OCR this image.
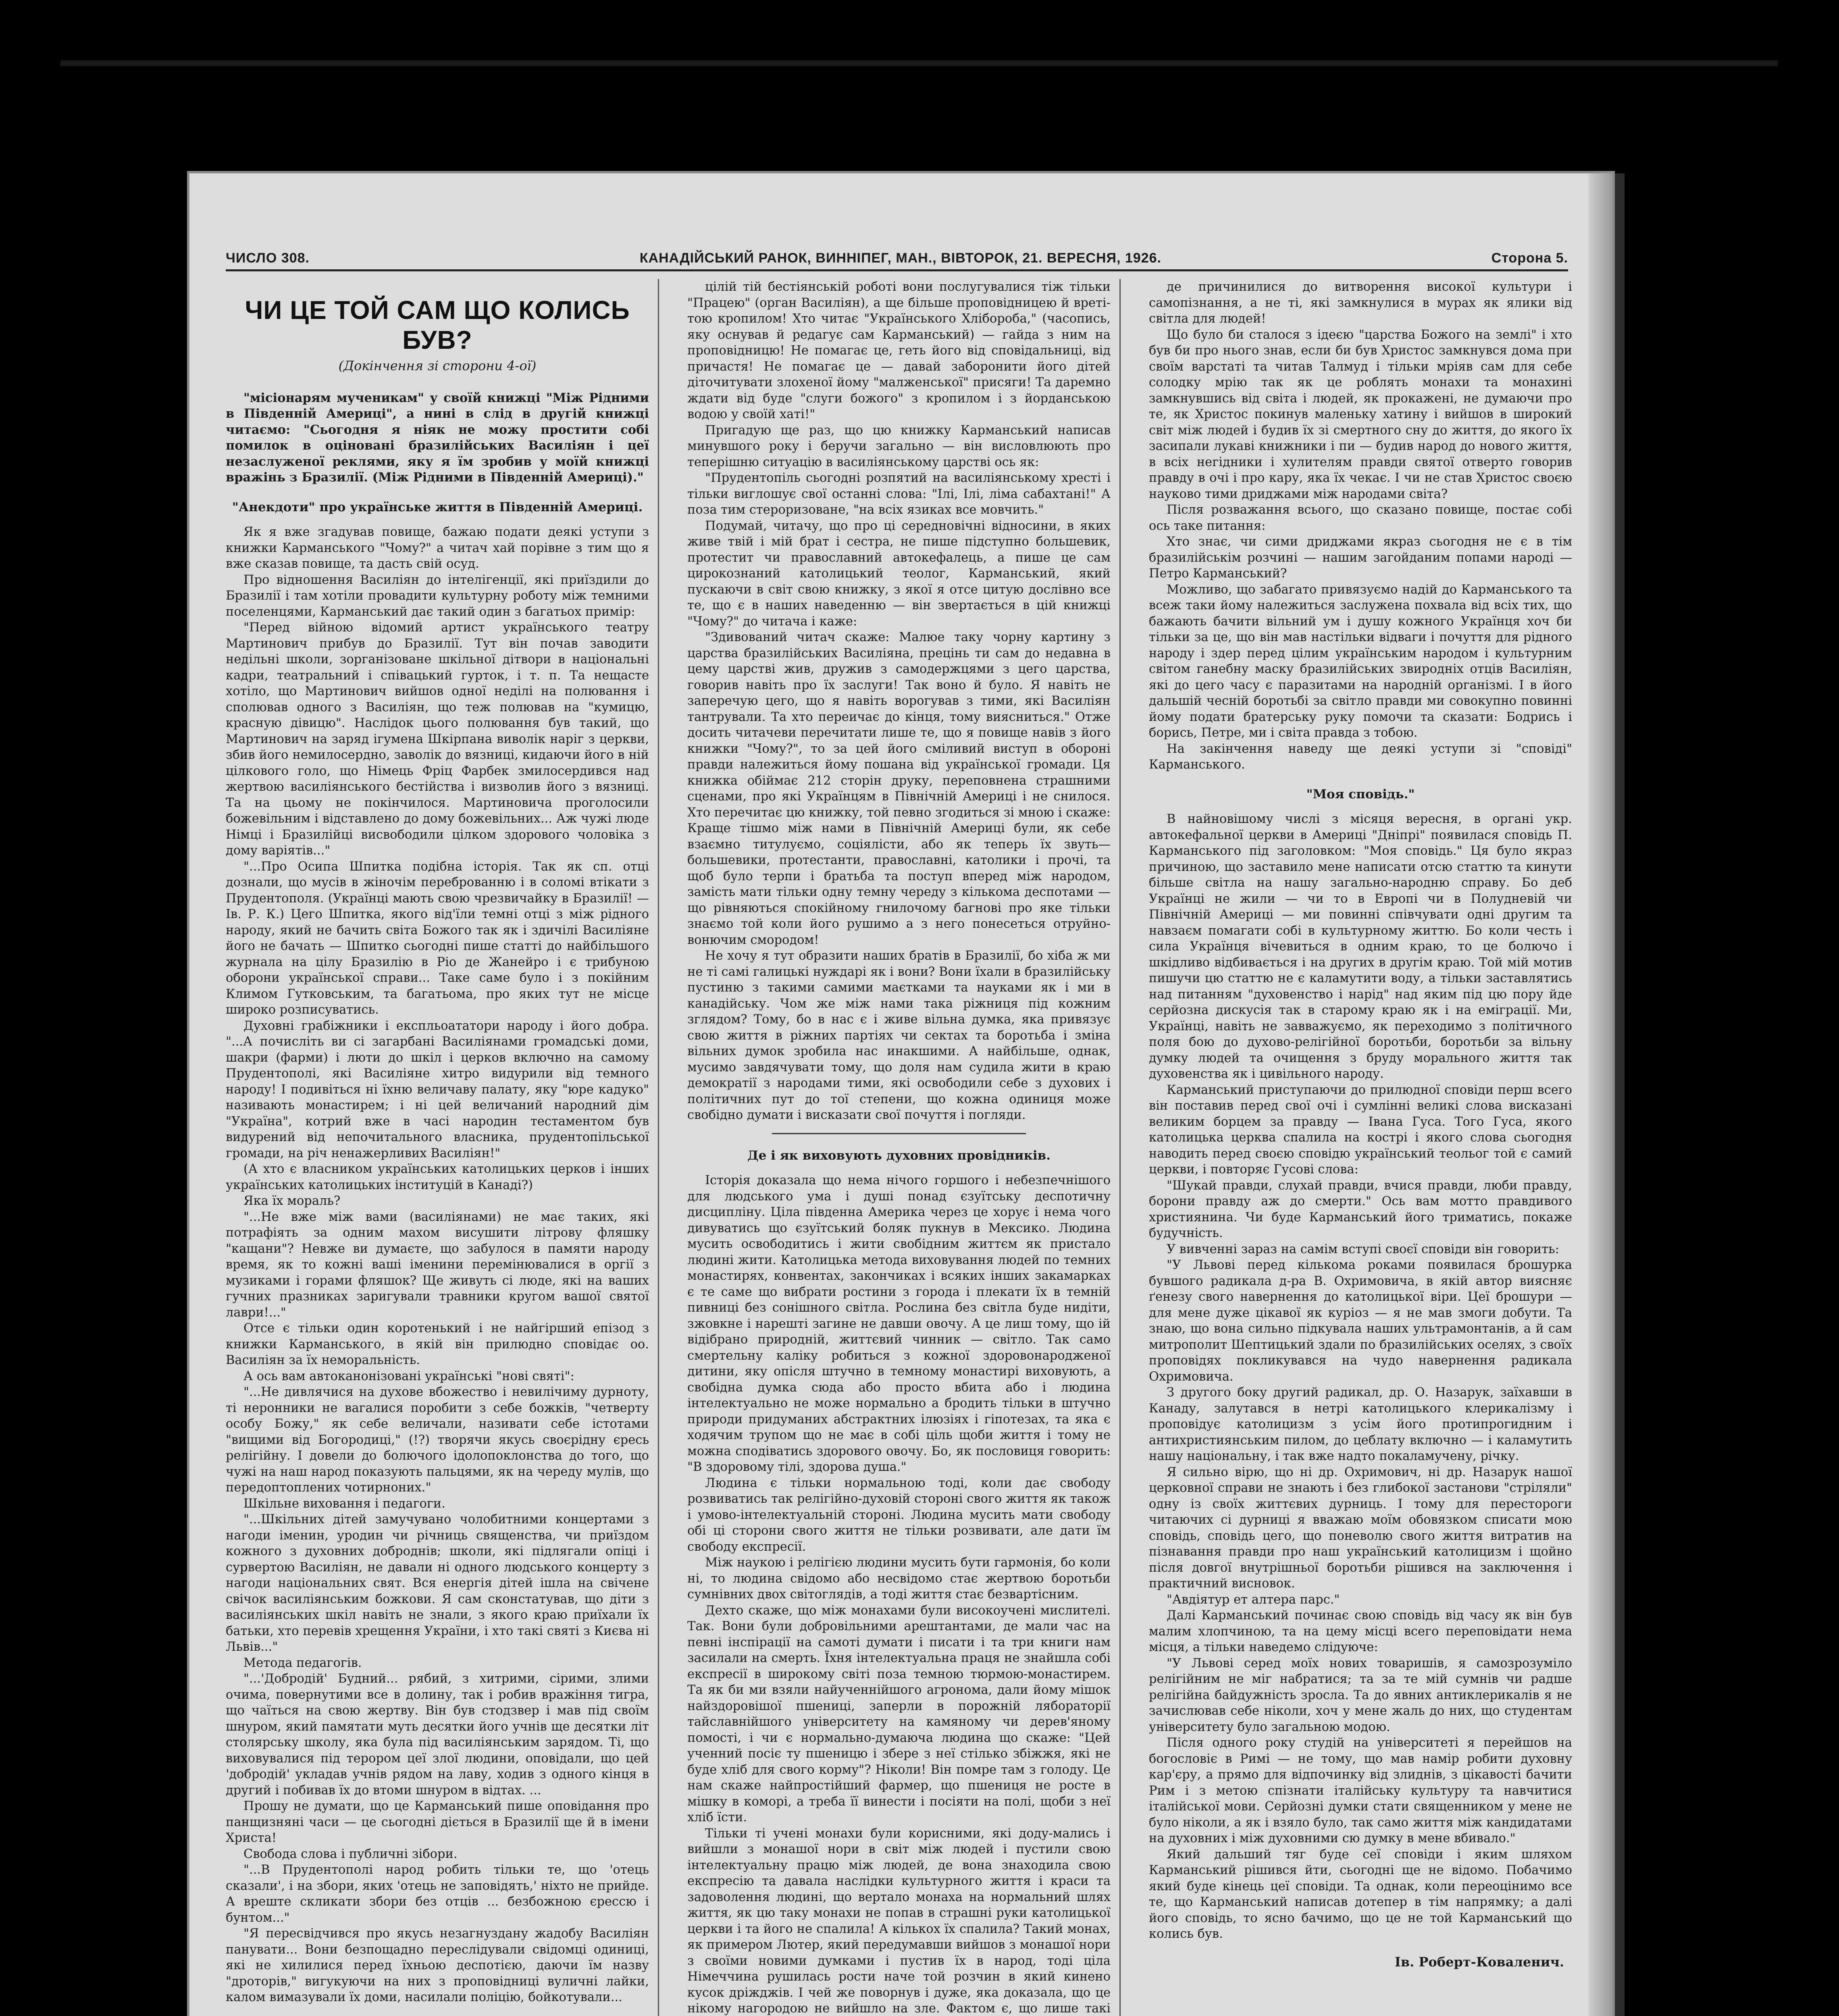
ЧИСЛО 308.	КАНАДІЙСЬКИЙ РАНОК, ВИННІПЕГ, МАН., ВІВТОРОК, 21. ВЕРЕСНЯ, 1926.	Сторона 5.
ЧИ ЦЕ ТОЙ САМ ЩО КОЛИСЬ БУВ?
(Докінчення зі сторони 4-ої)

"місіонарям мученикам" у своїй книжці "Між Рідними в Південній Америці", а нині в слід в другій книжці читаємо: "Сьогодня я ніяк не можу простити собі помилок в оціновані бразилійських Василіян і цеї незаслуженої реклями, яку я їм зробив у моїй книжці вражінь з Бразилії. (Між Рідними в Південній Америці)."

"Анекдоти" про українське життя в Південній Америці.

Як я вже згадував повище, бажаю подати деякі уступи з книжки Карманського "Чому?" а читач хай порівне з тим що я вже сказав повище, та дасть свій осуд.

Про відношення Василіян до інтелігенції, які приїздили до Бразилії і там хотіли провадити культурну роботу між темними поселенцями, Карманський дає такий один з багатьох примір:

"Перед війною відомий артист українського театру Мартинович прибув до Бразилії. Тут він почав заводити недільні школи, зорганізоване шкільної дітвори в національні кадри, театральний і співацький гурток, і т. п. Та нещасте хотіло, що Мартинович вийшов одної неділі на полювання і сполював одного з Василіян, що теж полював на "кумицю, красную дівицю". Наслідок цього полювання був такий, що Мартинович на заряд ігумена Шкірпана виволік наріг з церкви, збив його немилосердно, заволік до вязниці, кидаючи його в ній цілкового голо, що Німець Фріц Фарбек змилосердився над жертвою василіянського бестійства і визволив його з вязниці. Та на цьому не покінчилося. Мартиновича проголосили божевільним і відставлено до дому божевільних... Аж чужі люде Німці і Бразилійці висвободили цілком здорового чоловіка з дому варіятів..."

"...Про Осипа Шпитка подібна історія. Так як сп. отці дознали, що мусів в жіночім переброванню і в соломі втікати з Прудентополя. (Українці мають свою чрезвичайку в Бразилії! — Ів. Р. К.) Цего Шпитка, якого від'їли темні отці з між рідного народу, який не бачить світа Божого так як і здичілі Василіяне його не бачать — Шпитко сьогодні пише статті до найбільшого журнала на цілу Бразилію в Ріо де Жанейро і є трибуною оборони української справи... Таке саме було і з покійним Климом Гутковським, та багатьома, про яких тут не місце широко розписуватись.

Духовні грабіжники і експльоататори народу і його добра. "...А почисліть ви сі загарбані Василіянами громадські доми, шакри (фарми) і люти до шкіл і церков включно на самому Прудентополі, які Василіяне хитро видурили від темного народу! І подивіться ні їхню величаву палату, яку "юре кадуко" називають монастирем; і ні цей величаний народний дім "Україна", котрий вже в часі народин тестаментом був видурений від непочитального власника, прудентопільської громади, на річ ненажерливих Василіян!"

(А хто є власником українських католицьких церков і інших українських католицьких інституцій в Канаді?)

Яка їх мораль?

"...Не вже між вами (василіянами) не має таких, які потрафіять за одним махом висушити літрову фляшку "кащани"? Невже ви думаєте, що забулося в памяти народу время, як то кожні ваші іменини перемінювалися в оргії з музиками і горами фляшок? Ще живуть сі люде, які на ваших гучних празниках заригували травники кругом вашої святої лаври!..."

Отсе є тільки один коротенький і не найгірший епізод з книжки Карманського, в якій він прилюдно сповідає оо. Василіян за їх неморальність.

А ось вам автоканонізовані українські "нові святі":

"...Не дивлячися на духове вбожество і невилічиму дурноту, ті неронники не вагалися поробити з себе божків, "четверту особу Божу," як себе величали, називати себе істотами "вищими від Богородиці," (!?) творячи якусь своєрідну єресь релігійну. І довели до болючого ідолопоклонства до того, що чужі на наш народ показують пальцями, як на череду мулів, що передоптоплених чотирноних."

Шкільне виховання і педагоги.

"...Шкільних дітей замучувано чолобитними концертами з нагоди іменин, уродин чи річниць священства, чи приїздом кожного з духовних доброднів; школи, які підлягали опіці і сурвертою Василіян, не давали ні одного людського концерту з нагоди національних свят. Вся енергія дітей ішла на свічене свічок василіянським божкови. Я сам сконстатував, що діти з василіянських шкіл навіть не знали, з якого краю приїхали їх батьки, хто перевів хрещення України, і хто такі святі з Києва ні Львів..."

Метода педагогів.

"...'Добродій' Будний... рябий, з хитрими, сірими, злими очима, повернутими все в долину, так і робив вражіння тигра, що чаїться на свою жертву. Він був стодзвер і мав під своїм шнуром, який памятати муть десятки його учнів ще десятки літ столярську школу, яка була під василіянським зарядом. Ті, що виховувалися під терором цеї злої людини, оповідали, що цей 'добродій' укладав учнів рядом на лаву, ходив з одного кінця в другий і побивав їх до втоми шнуром в відтах. ...

Прошу не думати, що це Карманський пише оповідання про панщизняні часи — це сьогодні діється в Бразилії ще й в імени Христа!

Свобода слова і публичні зібори.

"...В Прудентополі народ робить тільки те, що 'отець сказали', і на збори, яких 'отець не заповідять,' ніхто не прийде. А вреште скликати збори без отців ... безбожною єрессю і бунтом..."

"Я пересвідчився про якусь незагнуздану жадобу Василіян панувати... Вони безпощадно переслідували свідомці одиниці, які не хилилися перед їхньою деспотією, даючи їм назву "дроторів," вигукуючи на них з проповідниці вуличні лайки, калом вимазували їх доми, насилали поліцію, бойкотували...

цілій тій бестіянській роботі вони послугувалися тіж тільки "Працею" (орган Василіян), а ще більше проповідницею й вреті-тою кропилом! Хто читає "Українського Хліборoба," (часопись, яку оснував й редагує сам Карманський) — гайда з ним на проповідницю! Не помагає це, геть його від сповідальниці, від причастя! Не помагає це — давай заборонити його дітей діточитувати злохеної йому "малженської" присяги! Та даремно ждати від буде "слуги божого" з кропилом і з йорданською водою у своїй хаті!"

Пригадую ще раз, що цю книжку Карманський написав минувшого року і беручи загально — він висловлюють про теперішню ситуацію в василіянському царстві ось як:

"Прудентопіль сьогодні розпятий на василіянському хресті і тільки виглошує свої останні слова: "Ілі, Ілі, ліма сабахтані!" А поза тим стероризоване, "на всіх язиках все мовчить."

Подумай, читачу, що про ці середновічні відносини, в яких живе твій і мій брат і сестра, не пише підступно большевик, протестит чи православний автокефалець, а пише це сам цирокознаний католицький теолог, Карманський, який пускаючи в світ свою книжку, з якої я отсе цитую дослівно все те, що є в наших наведенню — він звертається в цій книжці "Чому?" до читача і каже:

"Здивований читач скаже: Малюе таку чорну картину з царства бразилійських Василіяна, прецінь ти сам до недавна в цему царстві жив, дружив з самодержцями з цего царства, говорив навіть про їх заслуги! Так воно й було. Я навіть не заперечую цего, що я навіть ворогував з тими, які Василіян тантрували. Та хто переичає до кінця, тому виясниться." Отже досить читачеви перечитати лише те, що я повище навів з його книжки "Чому?", то за цей його сміливий виступ в обороні правди належиться йому пошана від української громади. Ця книжка обіймає 212 сторін друку, переповнена страшними сценами, про які Українцям в Північній Америці і не снилося. Хто перечитає цю книжку, той певно згодиться зі мною і скаже: Краще тішмо між нами в Північній Америці були, як себе взаємно титулуємо, соціялісти, або як теперь їх звуть—большевики, протестанти, православні, католики і прочі, та щоб було терпи і братьба та поступ вперед між народом, замість мати тільки одну темну череду з кількома деспотами — що рівняються спокійному гнилочому багнові про яке тільки знаємо той коли його рушимо а з него понесеться отруйно-вонючим смородом!

Не хочу я тут образити наших братів в Бразилії, бо хіба ж ми не ті самі галицькі нуждарі як і вони? Вони їхали в бразилійську пустиню з такими самими маєтками та науками як і ми в канадійську. Чом же між нами така ріжниця під кожним зглядом? Тому, бо в нас є і живе вільна думка, яка привязує свою життя в ріжних партіях чи сектах та боротьба і зміна вільних думок зробила нас инакшими. А найбільше, однак, мусимо завдячувати тому, що доля нам судила жити в краю демократії з народами тими, які освободили себе з духових і політичних пут до тої степени, що кожна одиниця може свобідно думати і висказати свої почуття і погляди.

Де і як виховують духовних провідників.

Історія доказала що нема нічого горшого і небезпечнішого для людського ума і душі понад єзуїтську деспотичну дисципліну. Ціла південна Америка через це хорує і нема чого дивуватись що єзуїтський боляк пукнув в Мексико. Людина мусить освободитись і жити свобідним життєм як пристало людині жити. Католицька метода виховування людей по темних монастирях, конвентах, закончиках і всяких інших закамарках є те саме що вибрати ростини з города і плекати їх в темній пивниці без сонішного світла. Рослина без світла буде нидіти, зжовкне і нарешті загине не давши овочу. А це лиш тому, що ій відібрано природній, життєвий чинник — світло. Так само смертельну каліку робиться з кожної здоровонародженої дитини, яку опісля штучно в темному монастирі виховують, а свобідна думка сюда або просто вбита або і людина інтелектуально не може нормально а бродить тільки в штучно природи придуманих абстрактних ілюзіях і гіпотезах, та яка є ходячим трупом що не має в собі ціль щоби життя і тому не можна сподіватись здорового овочу. Бо, як пословиця говорить: "В здоровому тілі, здорова душа."

Людина є тільки нормальною тоді, коли дає свободу розвиватись так релігійно-духовій стороні свого життя як також і умово-інтелектуальній стороні. Людина мусить мати свободу обі ці сторони свого життя не тільки розвивати, але дати їм свободу експресії.

Між наукою і релігією людини мусить бути гармонія, бо коли ні, то людина свідомо або несвідомо стає жертвою боротьби сумнівних двох світоглядів, а тоді життя стає безвартісним.

Дехто скаже, що між монахами були високоучені мислителі. Так. Вони були добровільними арештантами, де мали час на певні інспірації на самоті думати і писати і та три книги нам засилали на смерть. Їхня інтелектуальна праця не знайшла собі експресії в широкому світі поза темною тюрмою-монастирем. Та як би ми взяли найученнійшого агронома, дали йому мішок найздоровішої пшениці, заперли в порожній лябораторії тайславнійшого університету на камяному чи дерев'яному помості, і чи є нормально-думаюча людина що скаже: "Цей ученний посіє ту пшеницю і збере з неї стілько збіжжя, які не буде хліб для свого корму"? Ніколи! Він помре там з голоду. Це нам скаже найпростійший фармер, що пшениця не росте в мішку в коморі, а треба її винести і посіяти на полі, щоби з неї хліб їсти.

Тільки ті учені монахи були корисними, які доду-мались і вийшли з монашої нори в світ між людей і пустили свою інтелектуальну працю між людей, де вона знаходила свою експресію та давала наслідки культурного життя і краси та задоволення людині, що вертало монаха на нормальний шлях життя, як цю таку монахи не попав в страшні руки католицької церкви і та його не спалила! А кількох їх спалила? Такий монах, як примером Лютер, який передумавши вийшов з монашої нори з своїми новими думками і пустив їх в народ, тоді ціла Німеччина рушилась рости наче той розчин в який кинено кусок дріжджів. І чей же поворнув і дуже, яка доказала, що це нікому нагородою не вийшло на зле. Фактом є, що лише такі

де причинилися до витворення високої культури і самопізнання, а не ті, які замкнулися в мурах як ялики від світла для людей!

Що було би сталося з ідеєю "царства Божого на землі" і хто був би про нього знав, если би був Христос замкнувся дома при своїм варстаті та читав Талмуд і тільки мріяв сам для себе солодку мрію так як це роблять монахи та монахині замкнувшись від світа і людей, як прокажені, не думаючи про те, як Христос покинув маленьку хатину і вийшов в широкий світ між людей і будив їх зі смертного сну до життя, до якого їх засипали лукаві книжники і пи — будив народ до нового життя, в всіх негідники і хулителям правди святої отверто говорив правду в очі і про кару, яка їх чекає. І чи не став Христос своєю науково тими дриджами між народами світа?

Після розважання всього, що сказано повище, постає собі ось таке питання:

Хто знає, чи сими дриджами якраз сьогодня не є в тім бразилійськім розчині — нашим загойданим попами народі — Петро Карманський?

Можливо, що забагато привязуємо надій до Карманського та всеж таки йому належиться заслужена похвала від всіх тих, що бажають бачити вільний ум і душу кожного Українця хоч би тільки за це, що він мав настільки відваги і почуття для рідного народу і здер перед цілим українським народом і культурним світом ганебну маску бразилійських звиродніх отців Василіян, які до цего часу є паразитами на народній організмі. І в його дальшій чесній боротьбі за світло правди ми совокупно повинні йому подати братерську руку помочи та сказати: Бодрись і борись, Петре, ми і світа правда з тобою.

На закінчення наведу ще деякі уступи зі "сповіді" Карманського.

"Моя сповідь."

В найновішому числі з місяця вересня, в органі укр. автокефальної церкви в Америці "Дніпрі" появилася сповідь П. Карманського під заголовком: "Моя сповідь." Ця було якраз причиною, що заставило мене написати отсю статтю та кинути більше світла на нашу загально-народню справу. Бо деб Українці не жили — чи то в Европі чи в Полудневій чи Північній Америці — ми повинні співчувати одні другим та навзаєм помагати собі в культурному життю. Бо коли честь і сила Українця вічевиться в одним краю, то це болючо і шкідливо відбивається і на других в другім краю. Той мій мотив пишучи цю статтю не є каламутити воду, а тільки заставлятись над питанням "духовенство і нарід" над яким під цю пору йде серйозна дискусія так в старому краю як і на еміграції. Ми, Українці, навіть не завважуємо, як переходимо з політичного поля бою до духово-релігійної боротьби, боротьби за вільну думку людей та очищення з бруду морального життя так духовенства як і цивільного народу.

Карманський приступаючи до прилюдної сповіди перш всего він поставив перед свої очі і сумлінні великі слова висказані великим борцем за правду — Івана Гуса. Того Гуса, якого католицька церква спалила на кострі і якого слова сьогодня наводить перед своєю сповідю український теольог той є самий церкви, і повторяє Гусові слова:

"Шукай правди, слухай правди, вчися правди, люби правду, борони правду аж до смерти." Ось вам мотто правдивого християнина. Чи буде Карманський його триматись, покаже будучність.

У вивченні зараз на самім вступі своєї сповіди він говорить:

"У Львові перед кількома роками появилася брошурка бувшого радикала д-ра В. Охримовича, в якій автор виясняє ґенезу свого навернення до католицької віри. Цеї брошури — для мене дуже цікавої як куріоз — я не мав змоги добути. Та знаю, що вона сильно підкувала наших ультрамонтанів, а й сам митрополит Шептицький здали по бразилійських оселях, з своїх проповідях покликувався на чудо навернення радикала Охримовича.

З другого боку другий радикал, др. О. Назарук, заїхавши в Канаду, залутався в нетрі католицького клерикалізму і проповідує католицизм з усім його протипрогидним і антихристиянським пилом, до цеблату включно — і каламутить нашу національну, і так вже надто покаламучену, річку.

Я сильно вірю, що ні др. Охримович, ні др. Назарук нашої церковної справи не знають і без глибокої застанови "стріляли" одну із своїх життєвих дурниць. І тому для перестороги читаючих сі дурниці я вважаю моїм обовязком списати мою сповідь, сповідь цего, що поневолю свого життя витратив на пізнавання правди про наш український католицизм і щойно після довгої внутрішньої боротьби рішився на заключення і практичний висновок.

"Авдіятур ет алтера парс."

Далі Карманський починає свою сповідь від часу як він був малим хлопчиною, та на цему місці всего переповідати нема місця, а тільки наведемо слідуюче:

"У Львові серед моїх нових товаришів, я самозрозуміло релігійним не міг набратися; та за те мій сумнів чи радше релігійна байдужність зросла. Та до явних антиклерикалів я не зачислював себе ніколи, хоч у мене жаль до них, що студентам університету було загальною модою.

Після одного року студій на університеті я перейшов на богословіє в Римі — не тому, що мав намір робити духовну кар'єру, а прямо для відпочинку від злиднів, з цікавості бачити Рим і з метою спізнати італійську культуру та навчитися італійської мови. Серйозні думки стати священником у мене не було ніколи, а як і взяло було, так само життя між кандидатами на духовних і між духовними сю думку в мене вбивало."

Який дальший тяг буде сеї сповіди і яким шляхом Карманський рішився йти, сьогодні ще не відомо. Побачимо який буде кінець цеї сповіди. Та однак, коли переоцінимо все те, що Карманський написав дотепер в тім напрямку; а далі його сповідь, то ясно бачимо, що це не той Карманський що колись був.

Ів. Роберт-Коваленич.
